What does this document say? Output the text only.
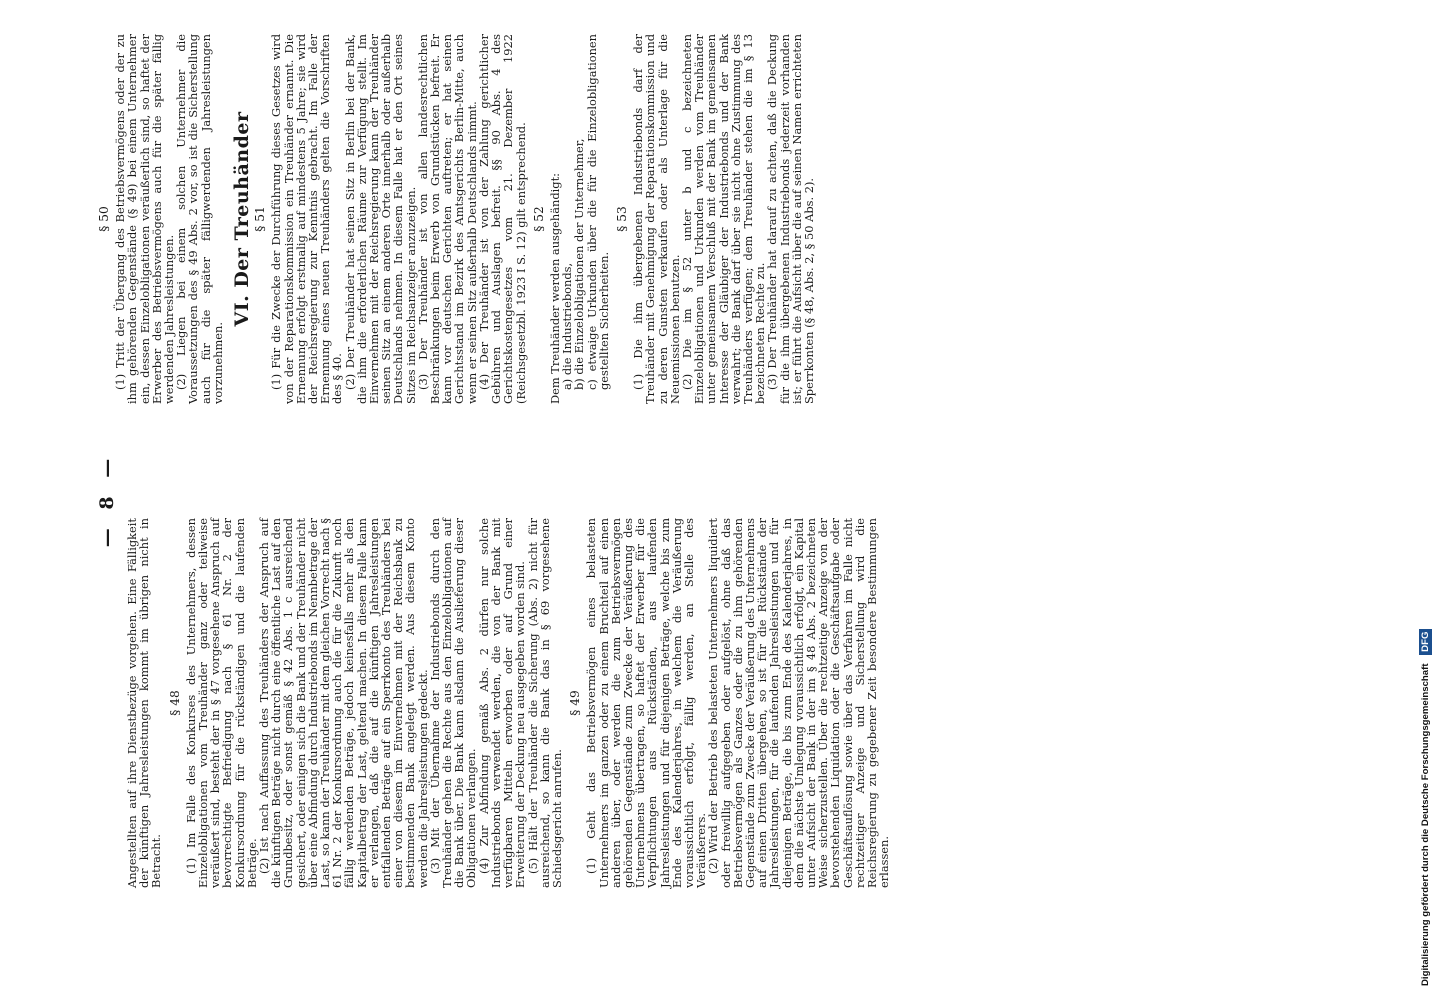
— 8 —

Angestellten auf ihre Dienstbezüge vorgehen. Eine Fälligkeit der künftigen Jahresleistungen kommt im übrigen nicht in Betracht.

§ 48 (1) Im Falle des Konkurses des Unternehmers, dessen Einzelobligationen vom Treuhänder ganz oder teilweise veräußert sind, besteht der in § 47 vorgesehene Anspruch auf bevorrechtigte Befriedigung nach § 61 Nr. 2 der Konkursordnung für die rückständigen und die laufenden Beträge.

(2) Ist nach Auffassung des Treuhänders der Anspruch auf die künftigen Beträge nicht durch eine öffentliche Last auf den Grundbesitz, oder sonst gemäß § 42 Abs. 1 c ausreichend gesichert, oder einigen sich die Bank und der Treuhänder nicht über eine Abfindung durch Industriebonds im Nennbetrage der Last, so kann der Treuhänder mit dem gleichen Vorrecht nach § 61 Nr. 2 der Konkursordnung auch die für die Zukunft noch fällig werdenden Beträge, jedoch keinesfalls mehr als den Kapitalbetrag der Last, geltend machen. In diesem Falle kann er verlangen, daß die auf die künftigen Jahresleistungen entfallenden Beträge auf ein Sperrkonto des Treuhänders bei einer von diesem im Einvernehmen mit der Reichsbank zu bestimmenden Bank angelegt werden. Aus diesem Konto werden die Jahresleistungen gedeckt.

(3) Mit der Übernahme der Industriebonds durch den Treuhänder gehen die Rechte aus den Einzelobligationen auf die Bank über. Die Bank kann alsdann die Auslieferung dieser Obligationen verlangen.

(4) Zur Abfindung gemäß Abs. 2 dürfen nur solche Industriebonds verwendet werden, die von der Bank mit verfügbaren Mitteln erworben oder auf Grund einer Erweiterung der Deckung neu ausgegeben worden sind.

(5) Hält der Treuhänder die Sicherung (Abs. 2) nicht für ausreichend, so kann die Bank das in § 69 vorgesehene Schiedsgericht anrufen.

§ 49 (1) Geht das Betriebsvermögen eines belasteten Unternehmers im ganzen oder zu einem Bruchteil auf einen anderen über, oder werden die zum Betriebsvermögen gehörenden Gegenstände zum Zwecke der Veräußerung des Unternehmens übertragen, so haftet der Erwerber für die Verpflichtungen aus Rückständen, aus laufenden Jahresleistungen und für diejenigen Beträge, welche bis zum Ende des Kalenderjahres, in welchem die Veräußerung voraussichtlich erfolgt, fällig werden, an Stelle des Veräußerers.

(2) Wird der Betrieb des belasteten Unternehmers liquidiert oder freiwillig aufgegeben oder aufgelöst, ohne daß das Betriebsvermögen als Ganzes oder die zu ihm gehörenden Gegenstände zum Zwecke der Veräußerung des Unternehmens auf einen Dritten übergehen, so ist für die Rückstände der Jahresleistungen, für die laufenden Jahresleistungen und für diejenigen Beträge, die bis zum Ende des Kalenderjahres, in dem die nächste Umlegung voraussichtlich erfolgt, ein Kapital unter Aufsicht der Bank in der im § 48 Abs. 2 bezeichneten Weise sicherzustellen. Über die rechtzeitige Anzeige von der bevorstehenden Liquidation oder die Geschäftsaufgabe oder Geschäftsauflösung sowie über das Verfahren im Falle nicht rechtzeitiger Anzeige und Sicherstellung wird die Reichsregierung zu gegebener Zeit besondere Bestimmungen erlassen.

§ 50 (1) Tritt der Übergang des Betriebsvermögens oder der zu ihm gehörenden Gegenstände (§ 49) bei einem Unternehmer ein, dessen Einzelobligationen veräußerlich sind, so haftet der Erwerber des Betriebsvermögens auch für die später fällig werdenden Jahresleistungen.

(2) Liegen bei einem solchen Unternehmer die Voraussetzungen des § 49 Abs. 2 vor, so ist die Sicherstellung auch für die später fälligwerdenden Jahresleistungen vorzunehmen.

VI. Der Treuhänder § 51 (1) Für die Zwecke der Durchführung dieses Gesetzes wird von der Reparationskommission ein Treuhänder ernannt. Die Ernennung erfolgt erstmalig auf mindestens 5 Jahre; sie wird der Reichsregierung zur Kenntnis gebracht. Im Falle der Ernennung eines neuen Treuhänders gelten die Vorschriften des § 40.

(2) Der Treuhänder hat seinen Sitz in Berlin bei der Bank, die ihm die erforderlichen Räume zur Verfügung stellt. Im Einvernehmen mit der Reichsregierung kann der Treuhänder seinen Sitz an einem anderen Orte innerhalb oder außerhalb Deutschlands nehmen. In diesem Falle hat er den Ort seines Sitzes im Reichsanzeiger anzuzeigen.

(3) Der Treuhänder ist von allen landesrechtlichen Beschränkungen beim Erwerb von Grundstücken befreit. Er kann vor deutschen Gerichten auftreten; er hat seinen Gerichtsstand im Bezirk des Amtsgerichts Berlin-Mitte, auch wenn er seinen Sitz außerhalb Deutschlands nimmt.

(4) Der Treuhänder ist von der Zahlung gerichtlicher Gebühren und Auslagen befreit. §§ 90 Abs. 4 des Gerichtskostengesetzes vom 21. Dezember 1922 (Reichsgesetzbl. 1923 I S. 12) gilt entsprechend. § 52 Dem Treuhänder werden ausgehändigt:

a) die Industriebonds,
b) die Einzelobligationen der Unternehmer,
c) etwaige Urkunden über die für die Einzelobligationen gestellten Sicherheiten.
§ 53 (1) Die ihm übergebenen Industriebonds darf der Treuhänder mit Genehmigung der Reparationskommission und zu deren Gunsten verkaufen oder als Unterlage für die Neuemissionen benutzen.

(2) Die im § 52 unter b und c bezeichneten Einzelobligationen und Urkunden werden vom Treuhänder unter gemeinsamem Verschluß mit der Bank im gemeinsamen Interesse der Gläubiger der Industriebonds und der Bank verwahrt; die Bank darf über sie nicht ohne Zustimmung des Treuhänders verfügen; dem Treuhänder stehen die im § 13 bezeichneten Rechte zu.

(3) Der Treuhänder hat darauf zu achten, daß die Deckung für die ihm übergebenen Industriebonds jederzeit vorhanden ist; er führt die Aufsicht über die auf seinen Namen errichteten Sperrkonten (§ 48, Abs. 2, § 50 Abs. 2).

Digitalisierung gefördert durch die Deutsche Forschungsgemeinschaft DFG
